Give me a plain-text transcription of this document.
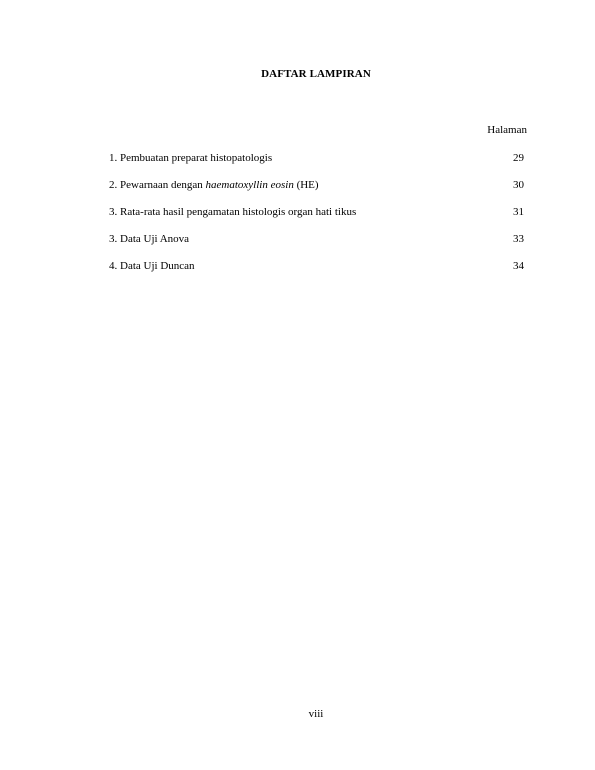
DAFTAR LAMPIRAN
Halaman
1. Pembuatan preparat histopatologis	29
2. Pewarnaan dengan haematoxyllin eosin (HE)	30
3. Rata-rata hasil pengamatan histologis organ hati tikus	31
3. Data Uji Anova	33
4. Data Uji Duncan	34
viii
